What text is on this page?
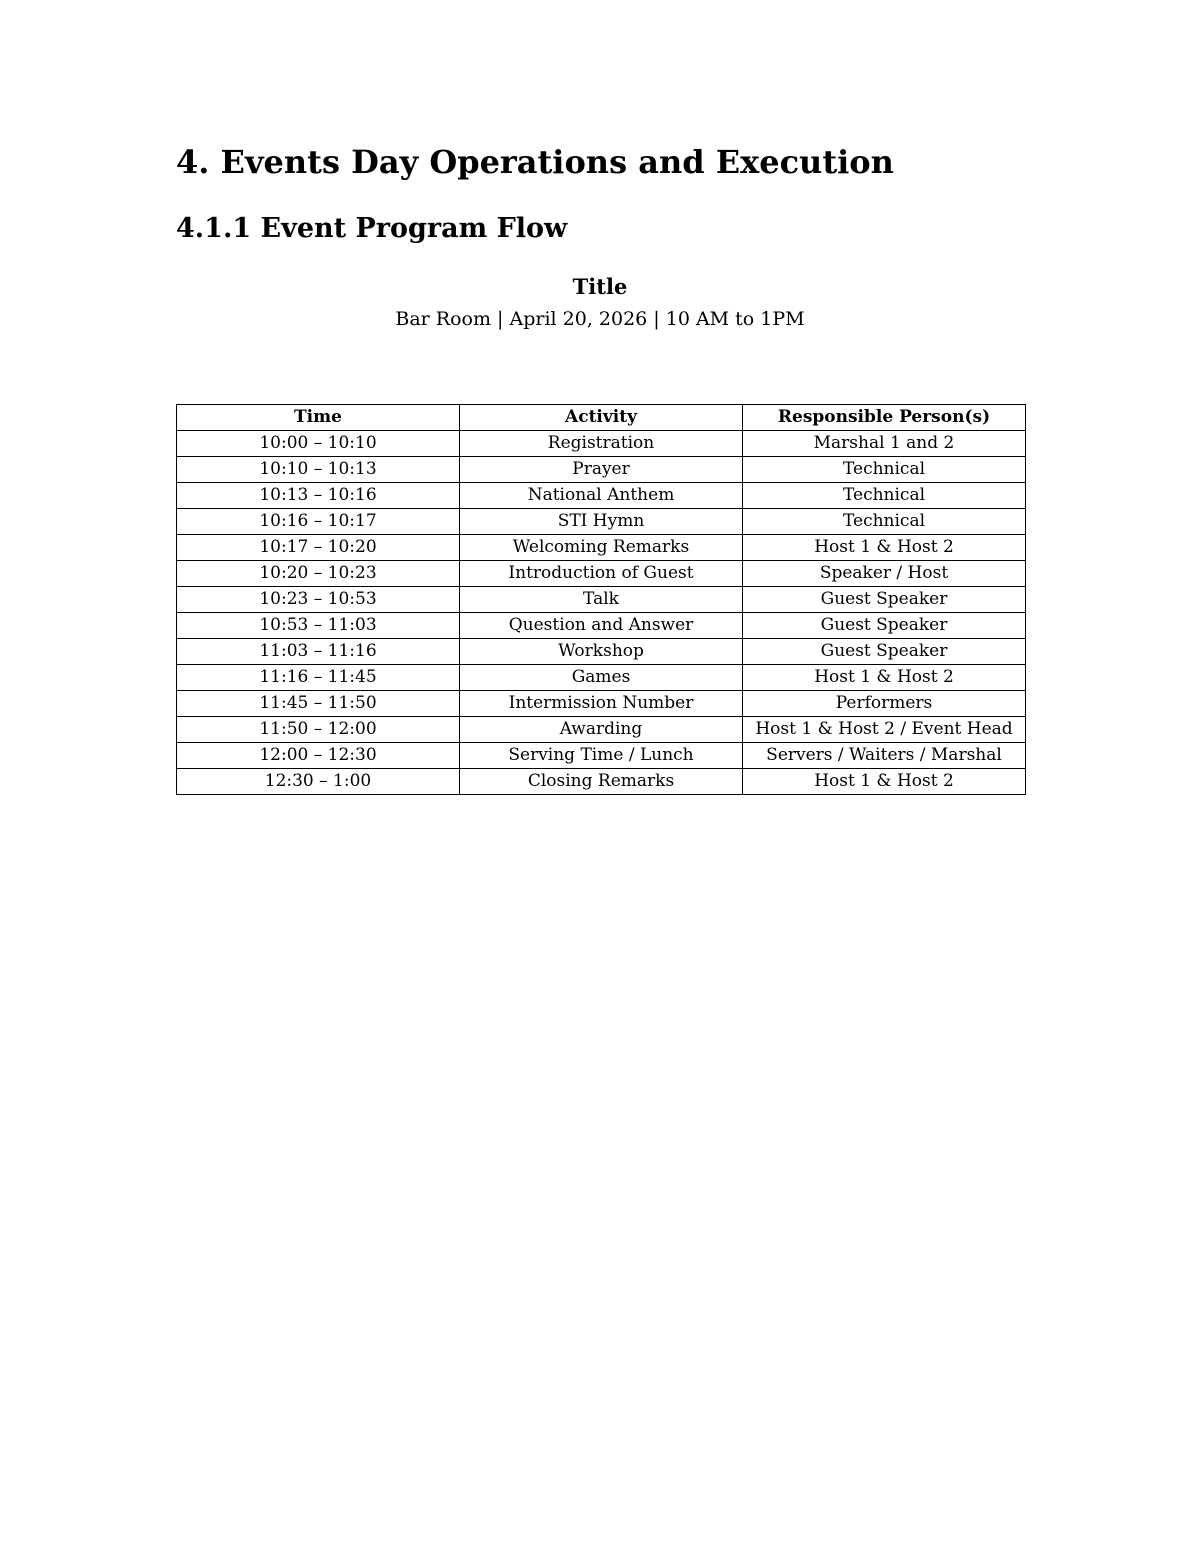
4. Events Day Operations and Execution
4.1.1 Event Program Flow
Title
Bar Room | April 20, 2026 | 10 AM to 1PM
Time	Activity	Responsible Person(s)
10:00 – 10:10	Registration	Marshal 1 and 2
10:10 – 10:13	Prayer	Technical
10:13 – 10:16	National Anthem	Technical
10:16 – 10:17	STI Hymn	Technical
10:17 – 10:20	Welcoming Remarks	Host 1 & Host 2
10:20 – 10:23	Introduction of Guest	Speaker / Host
10:23 – 10:53	Talk	Guest Speaker
10:53 – 11:03	Question and Answer	Guest Speaker
11:03 – 11:16	Workshop	Guest Speaker
11:16 – 11:45	Games	Host 1 & Host 2
11:45 – 11:50	Intermission Number	Performers
11:50 – 12:00	Awarding	Host 1 & Host 2 / Event Head
12:00 – 12:30	Serving Time / Lunch	Servers / Waiters / Marshal
12:30 – 1:00	Closing Remarks	Host 1 & Host 2
